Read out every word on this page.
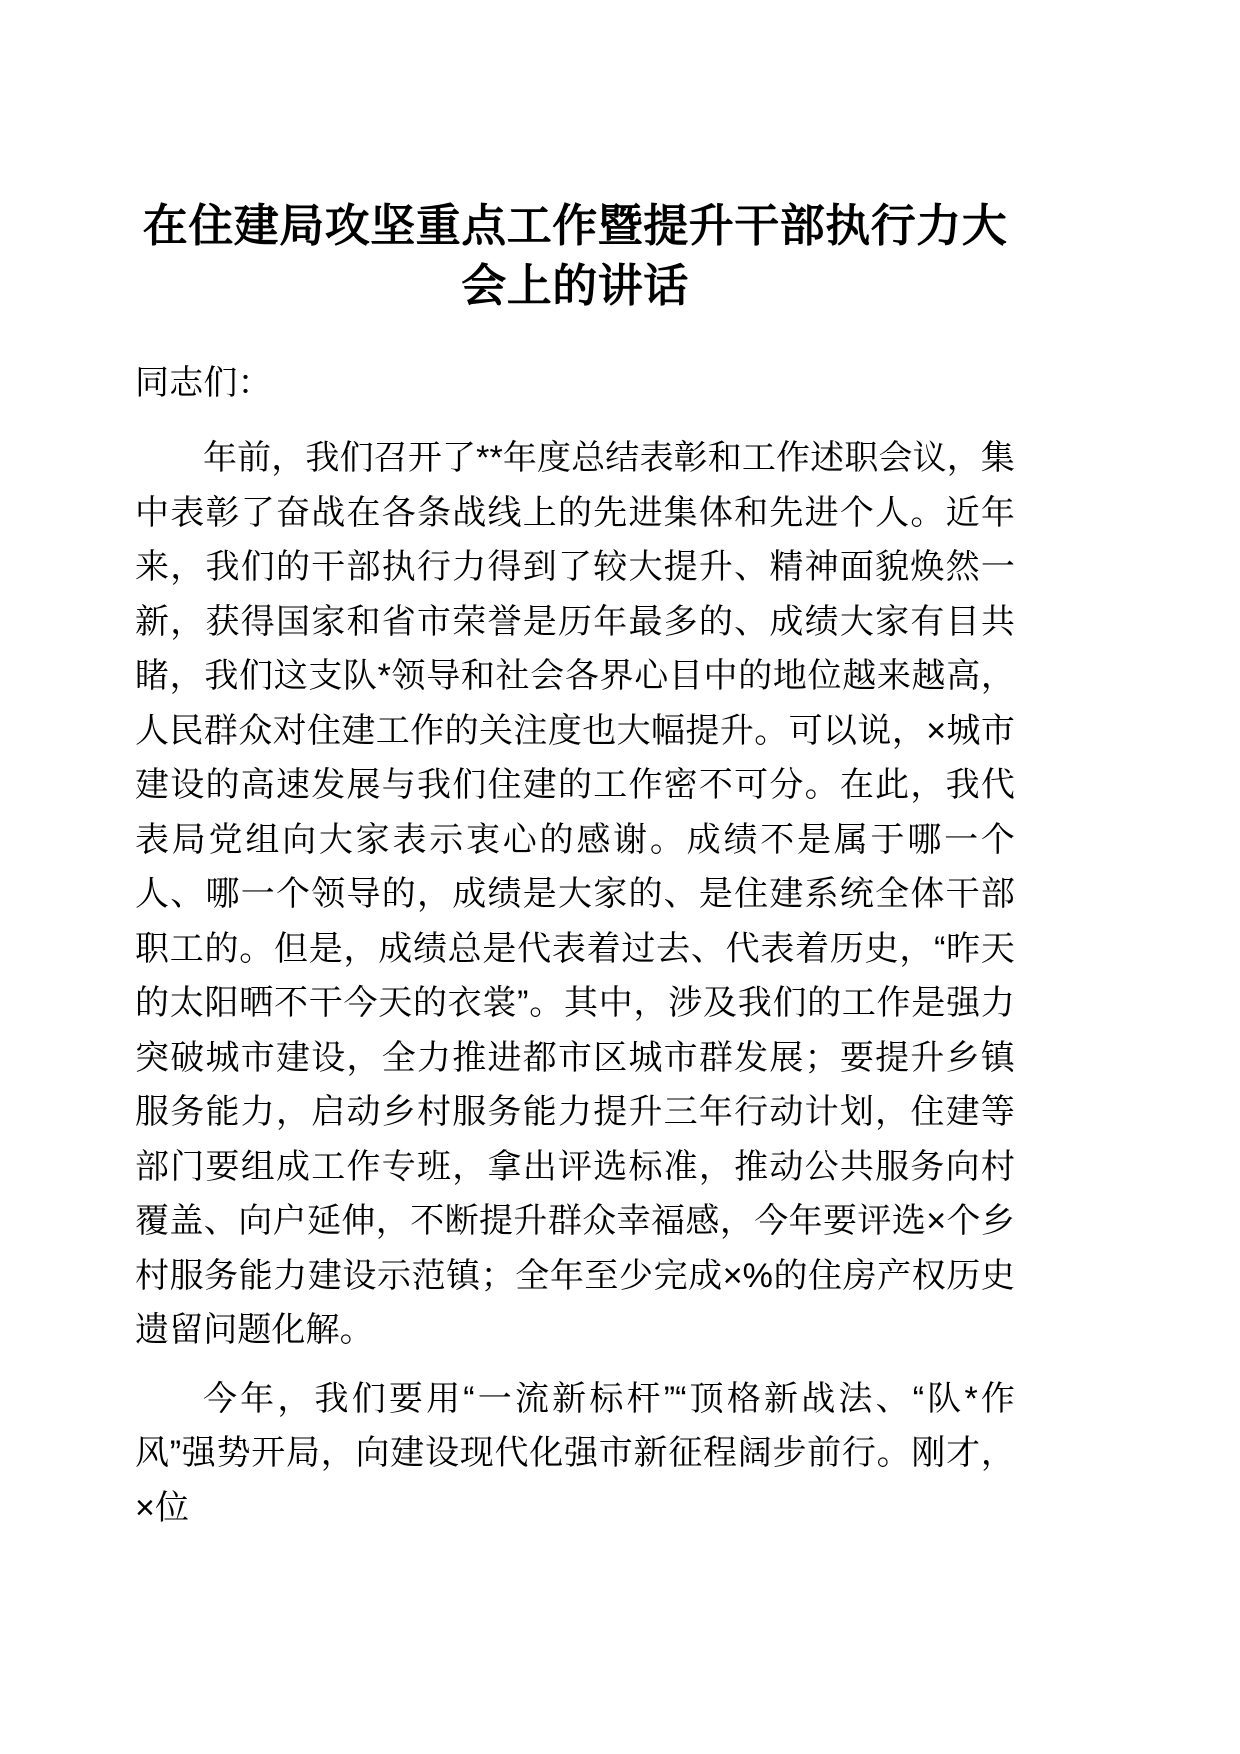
在住建局攻坚重点工作暨提升干部执行力大会上的讲话

同志们：

年前，我们召开了**年度总结表彰和工作述职会议，集中表彰了奋战在各条战线上的先进集体和先进个人。近年来，我们的干部执行力得到了较大提升、精神面貌焕然一新，获得国家和省市荣誉是历年最多的、成绩大家有目共睹，我们这支队*领导和社会各界心目中的地位越来越高，人民群众对住建工作的关注度也大幅提升。可以说，×城市建设的高速发展与我们住建的工作密不可分。在此，我代表局党组向大家表示衷心的感谢。成绩不是属于哪一个人、哪一个领导的，成绩是大家的、是住建系统全体干部职工的。但是，成绩总是代表着过去、代表着历史，“昨天的太阳晒不干今天的衣裳”。其中，涉及我们的工作是强力突破城市建设，全力推进都市区城市群发展；要提升乡镇服务能力，启动乡村服务能力提升三年行动计划，住建等部门要组成工作专班，拿出评选标准，推动公共服务向村覆盖、向户延伸，不断提升群众幸福感，今年要评选×个乡村服务能力建设示范镇；全年至少完成×%的住房产权历史遗留问题化解。

今年，我们要用“一流新标杆”“顶格新战法、“队*作风”强势开局，向建设现代化强市新征程阔步前行。刚才，×位
